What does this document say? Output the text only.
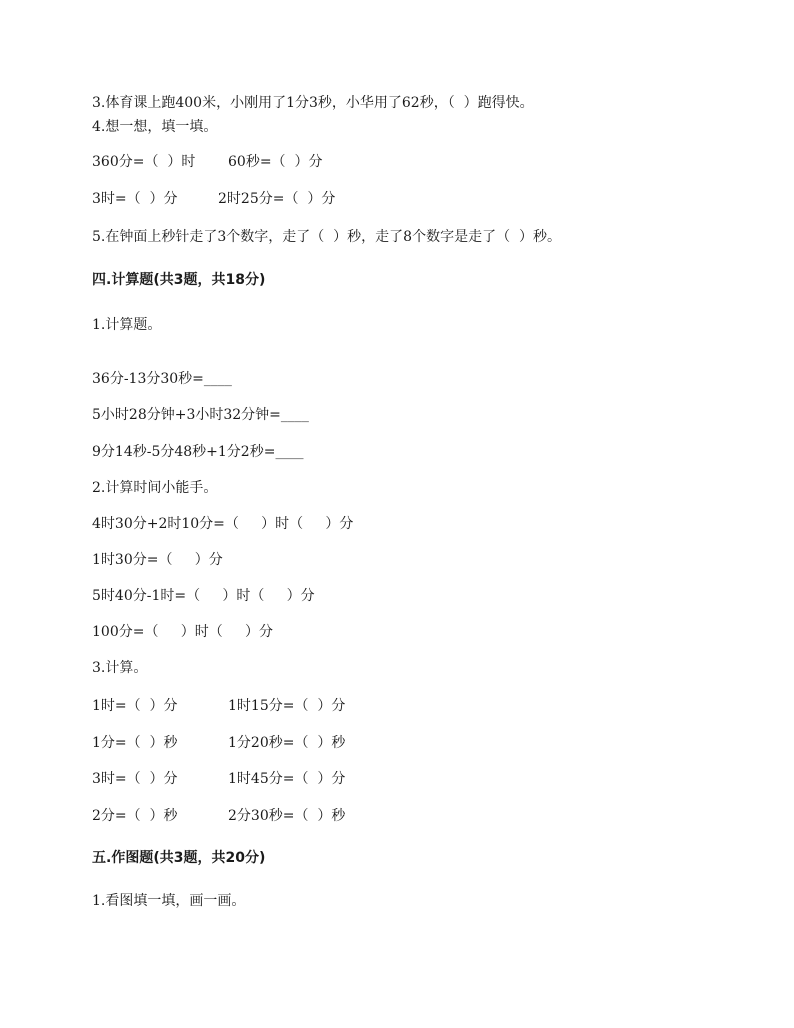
3.体育课上跑400米，小刚用了1分3秒，小华用了62秒，（  ）跑得快。

4.想一想，填一填。

360分=（  ）时 60秒=（  ）分

3时=（  ）分	2时25分=（  ）分

5.在钟面上秒针走了3个数字，走了（  ）秒，走了8个数字是走了（  ）秒。

四.计算题(共3题，共18分)

1.计算题。

36分-13分30秒=____

5小时28分钟+3小时32分钟=____

9分14秒-5分48秒+1分2秒=____

2.计算时间小能手。

4时30分+2时10分=（     ）时（     ）分

1时30分=（     ）分

5时40分-1时=（     ）时（     ）分

100分=（     ）时（     ）分

3.计算。

1时=（  ）分	1时15分=（  ）分

1分=（  ）秒	1分20秒=（  ）秒

3时=（  ）分	1时45分=（  ）分

2分=（  ）秒	2分30秒=（  ）秒

五.作图题(共3题，共20分)

1.看图填一填，画一画。
